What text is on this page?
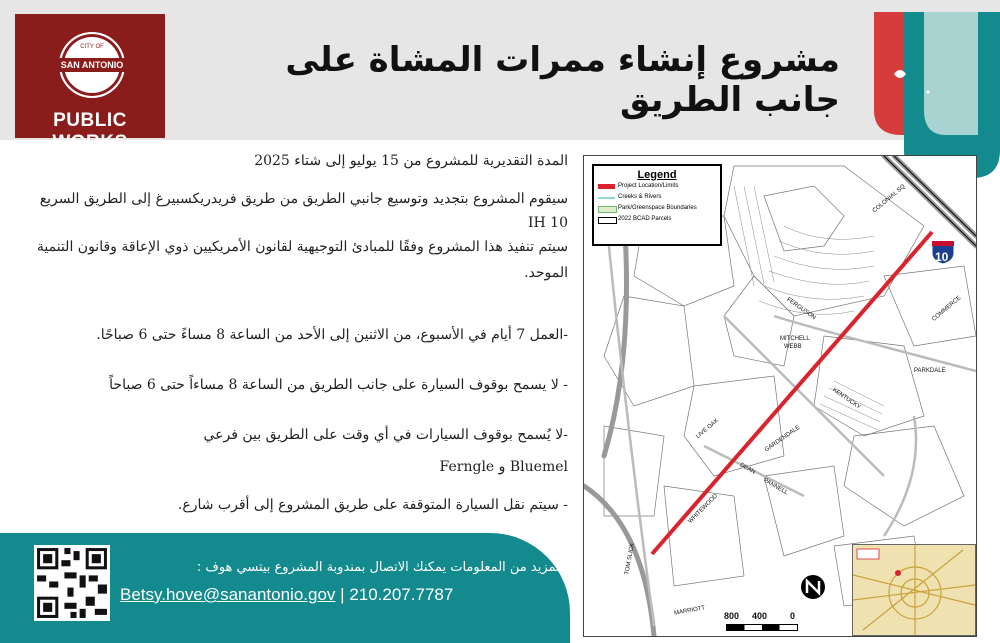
CITY OF
SAN ANTONIO
PUBLIC WORKS
مشروع إنشاء ممرات المشاة على جانب الطريق

المدة التقديرية للمشروع من 15 يوليو إلى شتاء 2025

سيقوم المشروع بتجديد وتوسيع جانبي الطريق من طريق فريدريكسبيرغ إلى الطريق السريع

IH 10

سيتم تنفيذ هذا المشروع وفقًا للمبادئ التوجيهية لقانون الأمريكيين ذوي الإعاقة وقانون التنمية

الموحد.

-العمل 7 أيام في الأسبوع، من الاثنين إلى الأحد من الساعة 8 مساءً حتى 6 صباحًا.

- لا يسمح بوقوف السيارة على جانب الطريق من الساعة 8 مساءاً حتى 6 صباحاً

-لا يُسمح بوقوف السيارات في أي وقت على الطريق بين فرعي

Bluemel و Ferngle

- سيتم نقل السيارة المتوقفة على طريق المشروع إلى أقرب شارع.

لمزيد من المعلومات يمكنك الاتصال بمندوبة المشروع بيتسي هوف :
Betsy.hove@sanantonio.gov | 210.207.7787
Legend
Project Location/Limits
Creeks & Rivers
Park/Greenspace Boundaries
2022 BCAD Parcels
10
MITCHELL
WEBB
PARKDALE
LIVE OAK	GARDENDALE
DEAN
PANNELL
WHITEWOOD
FERGUSON
COLONIAL SQ
COMMERCE
TOM SLICK
MARRIOTT
KENTUCKY
800 400	0
